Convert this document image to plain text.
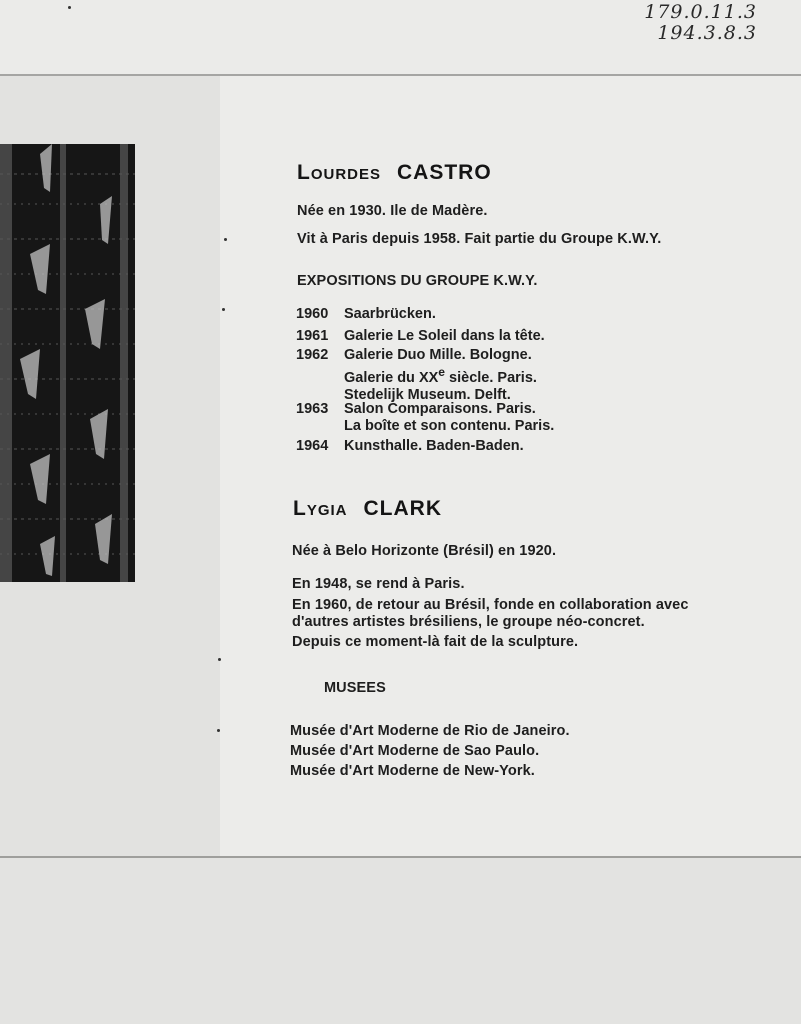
179.0.11.3
194.3.8.3
Lourdes CASTRO

Née en 1930. Ile de Madère.

Vit à Paris depuis 1958. Fait partie du Groupe K.W.Y.

EXPOSITIONS DU GROUPE K.W.Y.

1960 Saarbrücken.
1961 Galerie Le Soleil dans la tête.
1962 Galerie Duo Mille. Bologne.
Galerie du XXe siècle. Paris.
Stedelijk Museum. Delft.
1963 Salon Comparaisons. Paris.
La boîte et son contenu. Paris.
1964 Kunsthalle. Baden-Baden.
Lygia CLARK

Née à Belo Horizonte (Brésil) en 1920.

En 1948, se rend à Paris.

En 1960, de retour au Brésil, fonde en collaboration avec

d'autres artistes brésiliens, le groupe néo-concret.

Depuis ce moment-là fait de la sculpture.

MUSEES

Musée d'Art Moderne de Rio de Janeiro.

Musée d'Art Moderne de Sao Paulo.

Musée d'Art Moderne de New-York.
